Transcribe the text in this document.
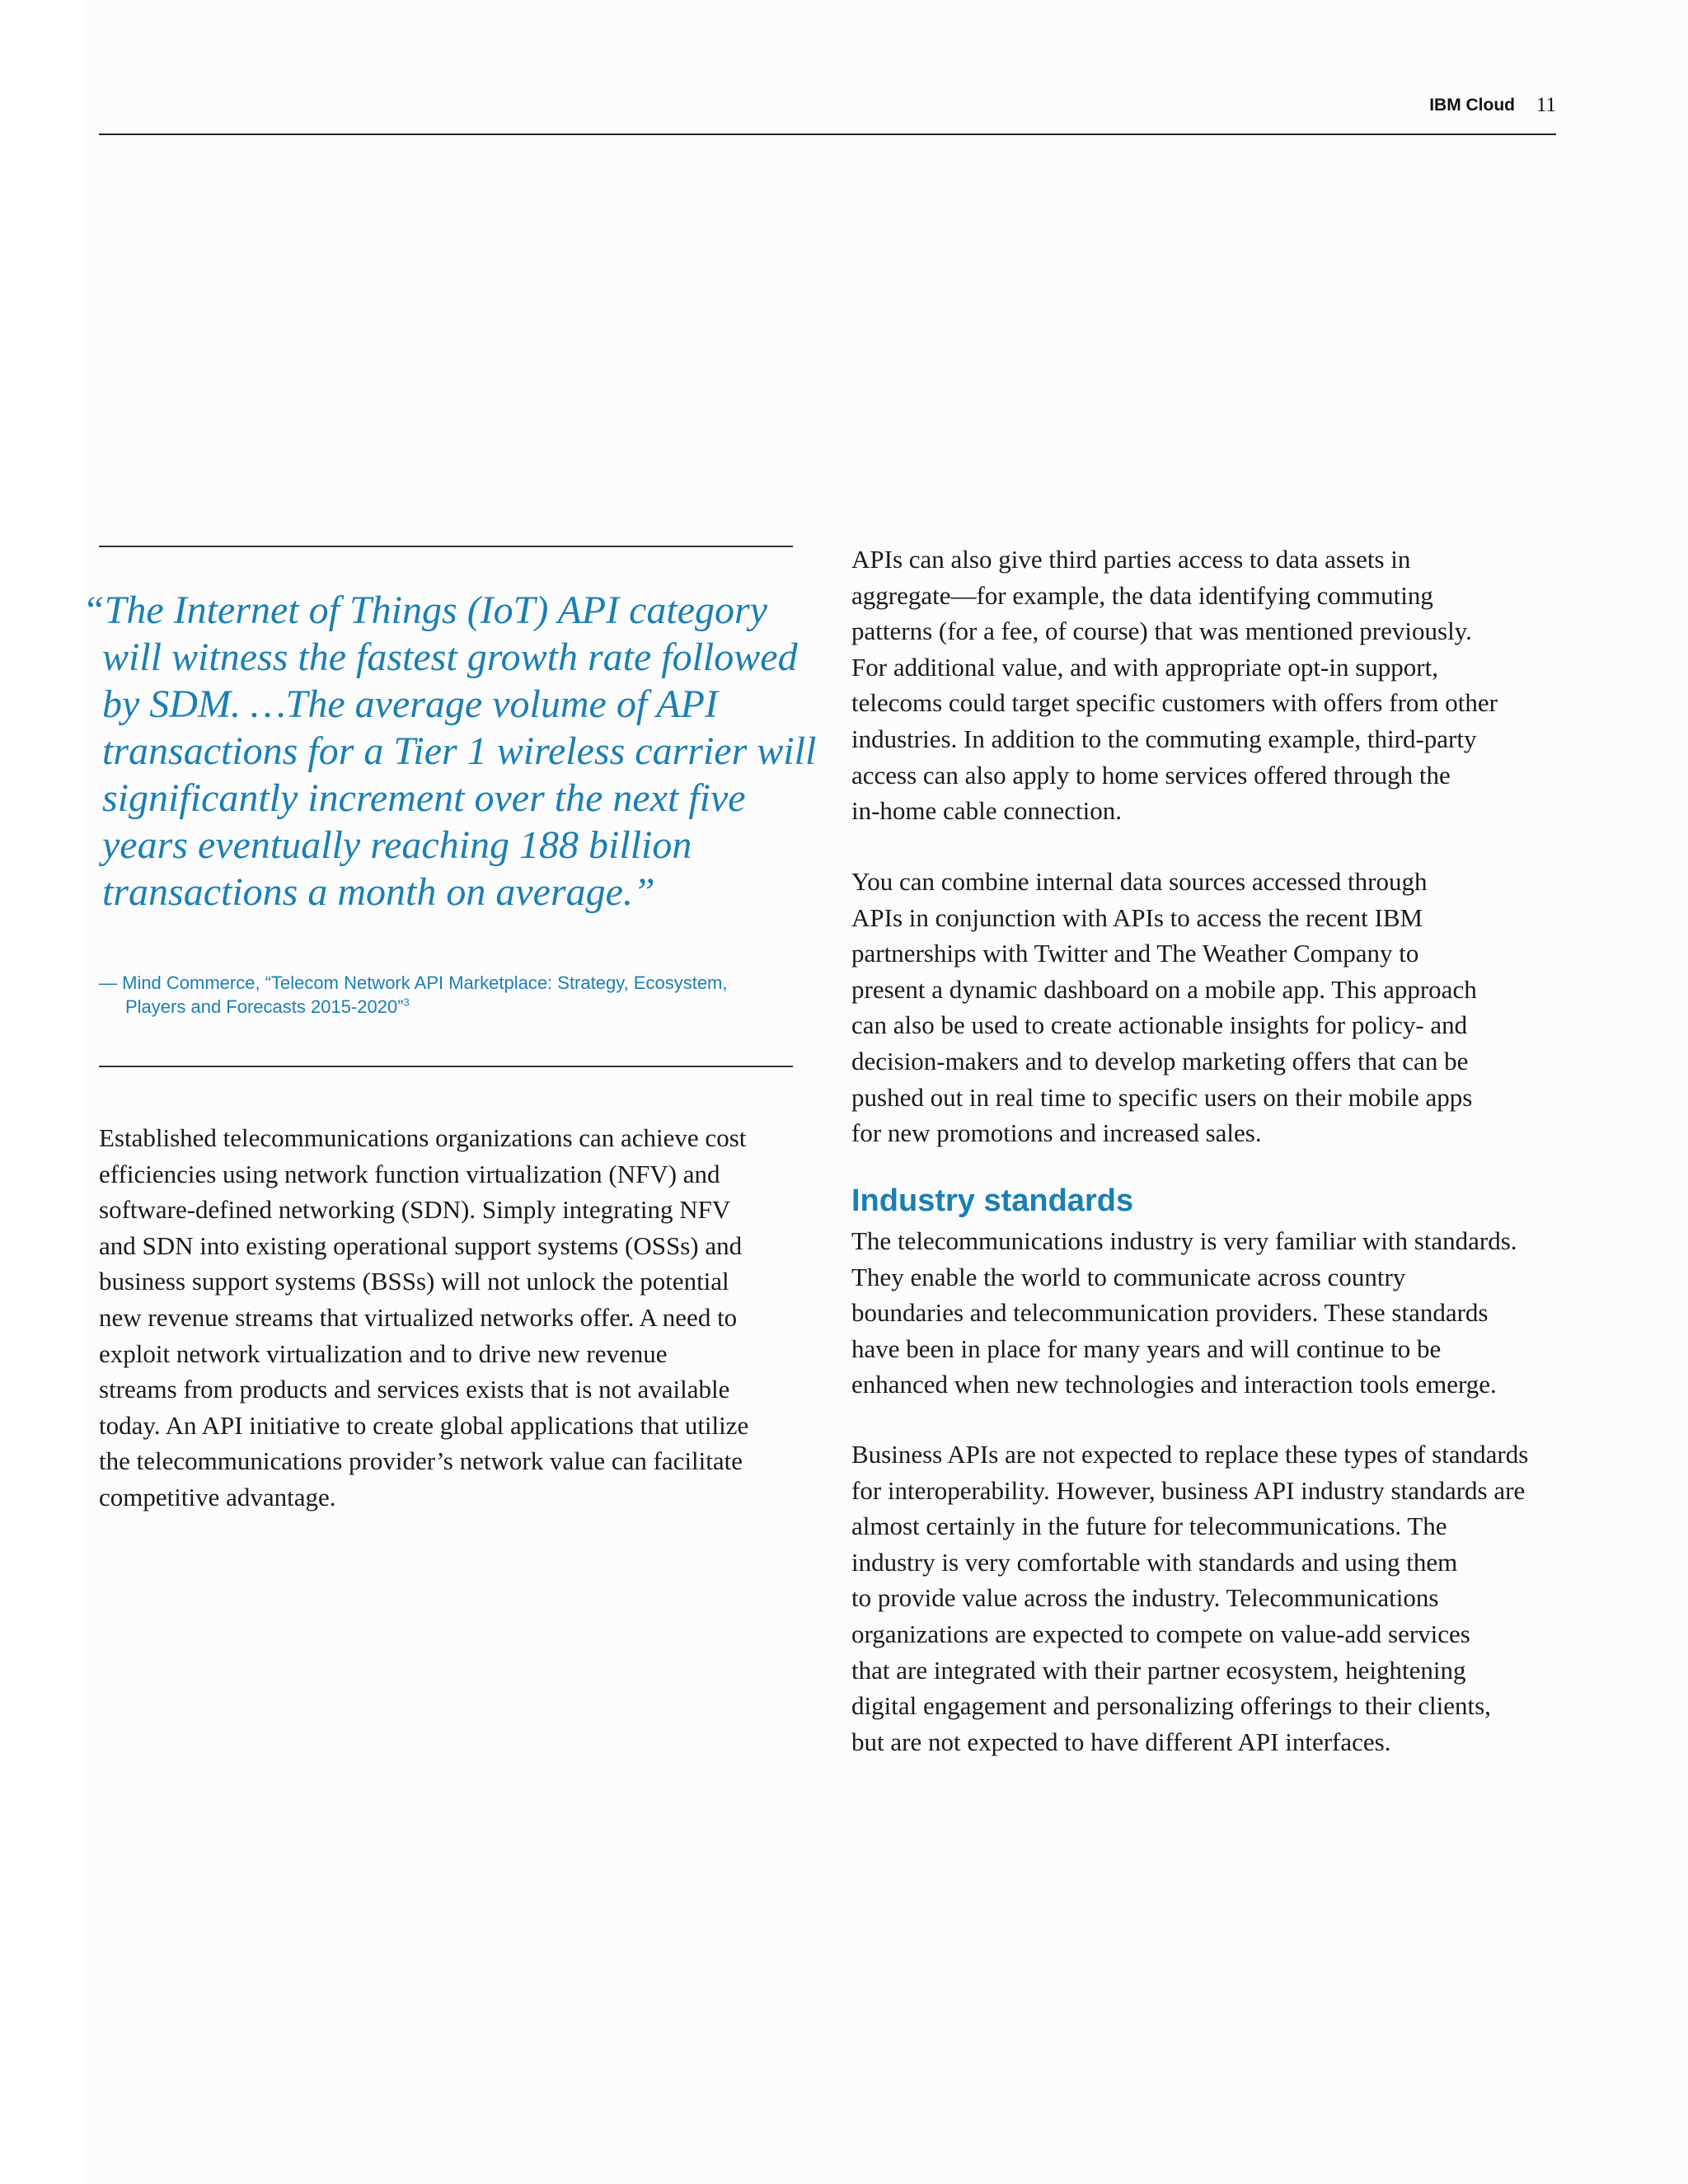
IBM Cloud 11
“The Internet of Things (IoT) API category
will witness the fastest growth rate followed
by SDM. …The average volume of API
transactions for a Tier 1 wireless carrier will
significantly increment over the next five
years eventually reaching 188 billion
transactions a month on average.”
— Mind Commerce, “Telecom Network API Marketplace: Strategy, Ecosystem,
Players and Forecasts 2015-2020”$^3$
Established telecommunications organizations can achieve cost
efficiencies using network function virtualization (NFV) and
software-defined networking (SDN). Simply integrating NFV
and SDN into existing operational support systems (OSSs) and
business support systems (BSSs) will not unlock the potential
new revenue streams that virtualized networks offer. A need to
exploit network virtualization and to drive new revenue
streams from products and services exists that is not available
today. An API initiative to create global applications that utilize
the telecommunications provider’s network value can facilitate
competitive advantage.
APIs can also give third parties access to data assets in
aggregate—for example, the data identifying commuting
patterns (for a fee, of course) that was mentioned previously.
For additional value, and with appropriate opt-in support,
telecoms could target specific customers with offers from other
industries. In addition to the commuting example, third-party
access can also apply to home services offered through the
in-home cable connection.
You can combine internal data sources accessed through
APIs in conjunction with APIs to access the recent IBM
partnerships with Twitter and The Weather Company to
present a dynamic dashboard on a mobile app. This approach
can also be used to create actionable insights for policy- and
decision-makers and to develop marketing offers that can be
pushed out in real time to specific users on their mobile apps
for new promotions and increased sales.
Industry standards
The telecommunications industry is very familiar with standards.
They enable the world to communicate across country
boundaries and telecommunication providers. These standards
have been in place for many years and will continue to be
enhanced when new technologies and interaction tools emerge.
Business APIs are not expected to replace these types of standards
for interoperability. However, business API industry standards are
almost certainly in the future for telecommunications. The
industry is very comfortable with standards and using them
to provide value across the industry. Telecommunications
organizations are expected to compete on value-add services
that are integrated with their partner ecosystem, heightening
digital engagement and personalizing offerings to their clients,
but are not expected to have different API interfaces.
